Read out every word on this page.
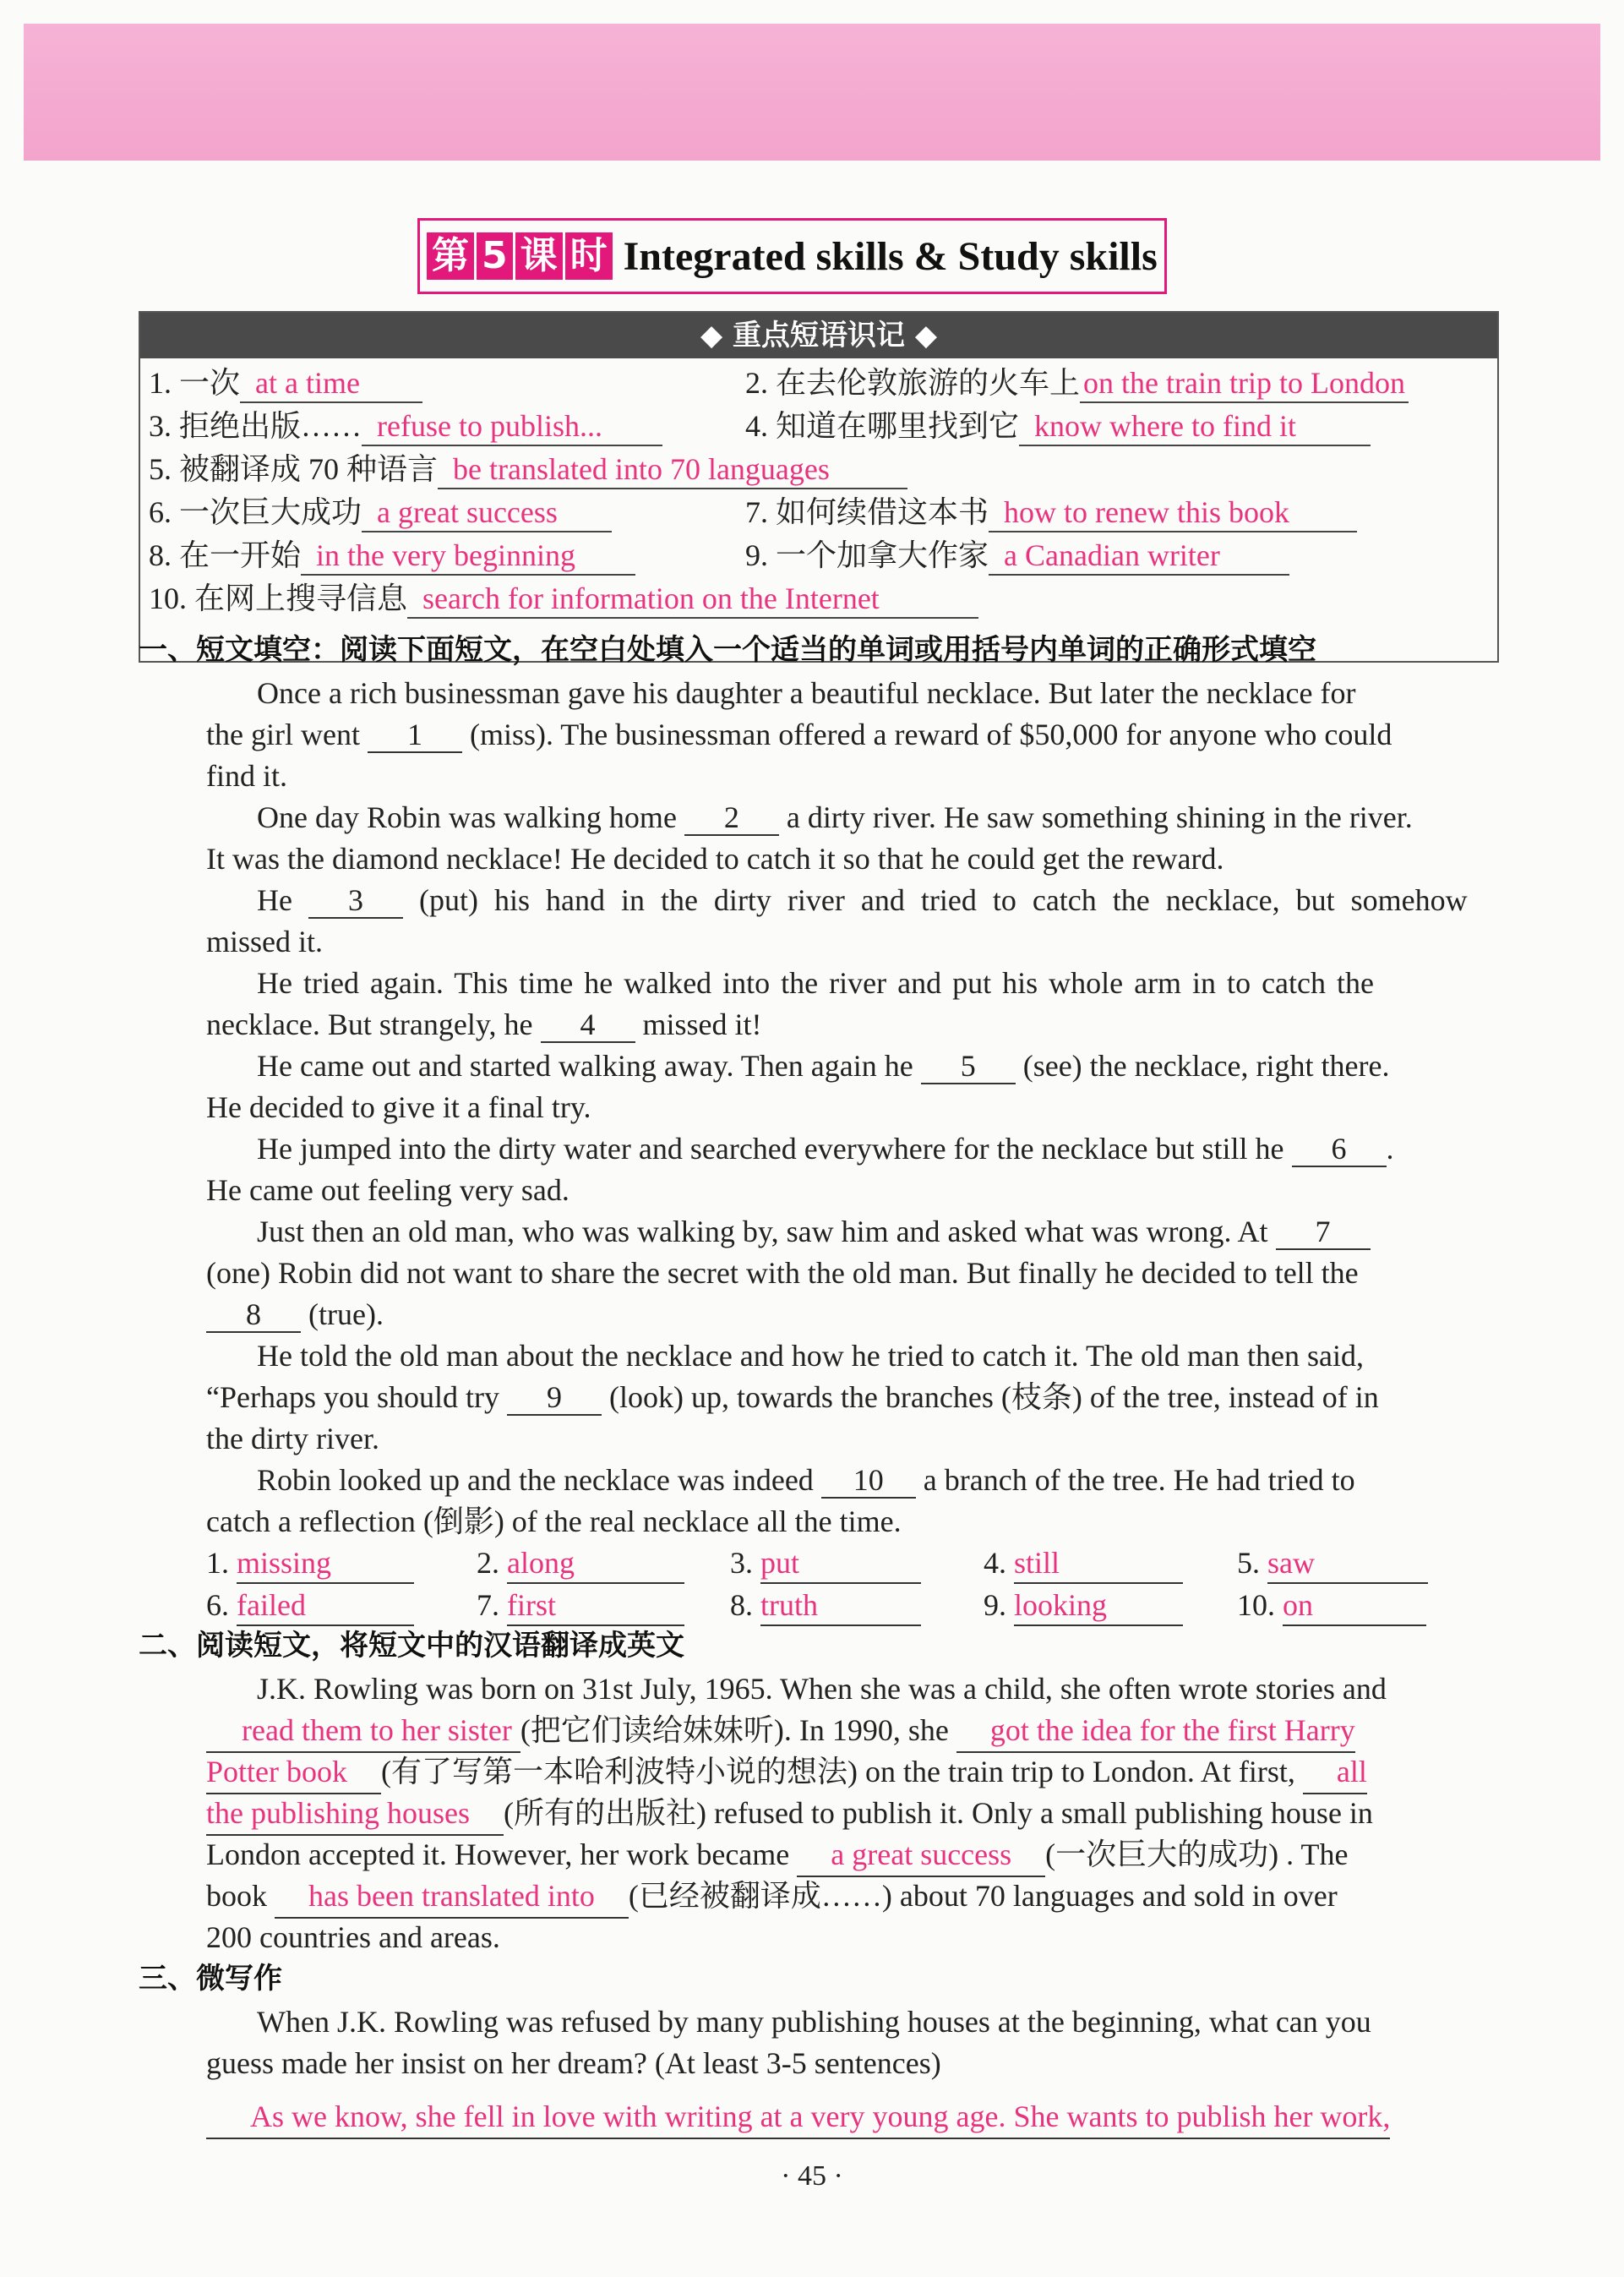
第 5 课 时 Integrated skills & Study skills
◆ 重点短语识记 ◆
1. 一次 at a time	2. 在去伦敦旅游的火车上 on the train trip to London
3. 拒绝出版…… refuse to publish...	4. 知道在哪里找到它 know where to find it
5. 被翻译成 70 种语言 be translated into 70 languages
6. 一次巨大成功 a great success	7. 如何续借这本书 how to renew this book
8. 在一开始 in the very beginning	9. 一个加拿大作家 a Canadian writer
10. 在网上搜寻信息 search for information on the Internet
一、短文填空：阅读下面短文，在空白处填入一个适当的单词或用括号内单词的正确形式填空
Once a rich businessman gave his daughter a beautiful necklace. But later the necklace for
the girl went 1 (miss). The businessman offered a reward of $50,000 for anyone who could
find it.
One day Robin was walking home 2 a dirty river. He saw something shining in the river.
It was the diamond necklace! He decided to catch it so that he could get the reward.
He 3 (put) his hand in the dirty river and tried to catch the necklace, but somehow
missed it.
He tried again. This time he walked into the river and put his whole arm in to catch the
necklace. But strangely, he 4 missed it!
He came out and started walking away. Then again he 5 (see) the necklace, right there.
He decided to give it a final try.
He jumped into the dirty water and searched everywhere for the necklace but still he 6 .
He came out feeling very sad.
Just then an old man, who was walking by, saw him and asked what was wrong. At 7
(one) Robin did not want to share the secret with the old man. But finally he decided to tell the
8 (true).
He told the old man about the necklace and how he tried to catch it. The old man then said,
“Perhaps you should try 9 (look) up, towards the branches (枝条) of the tree, instead of in
the dirty river.
Robin looked up and the necklace was indeed 10 a branch of the tree. He had tried to
catch a reflection (倒影) of the real necklace all the time.
1. missing	2. along	3. put	4. still	5. saw
6. failed	7. first	8. truth	9. looking	10. on
二、阅读短文，将短文中的汉语翻译成英文
J.K. Rowling was born on 31st July, 1965. When she was a child, she often wrote stories and
read them to her sister (把它们读给妹妹听). In 1990, she got the idea for the first Harry
Potter book (有了写第一本哈利波特小说的想法) on the train trip to London. At first, all
the publishing houses (所有的出版社) refused to publish it. Only a small publishing house in
London accepted it. However, her work became a great success (一次巨大的成功) . The
book has been translated into (已经被翻译成……) about 70 languages and sold in over
200 countries and areas.
三、微写作
When J.K. Rowling was refused by many publishing houses at the beginning, what can you
guess made her insist on her dream? (At least 3-5 sentences)
As we know, she fell in love with writing at a very young age. She wants to publish her work,
· 45 ·
